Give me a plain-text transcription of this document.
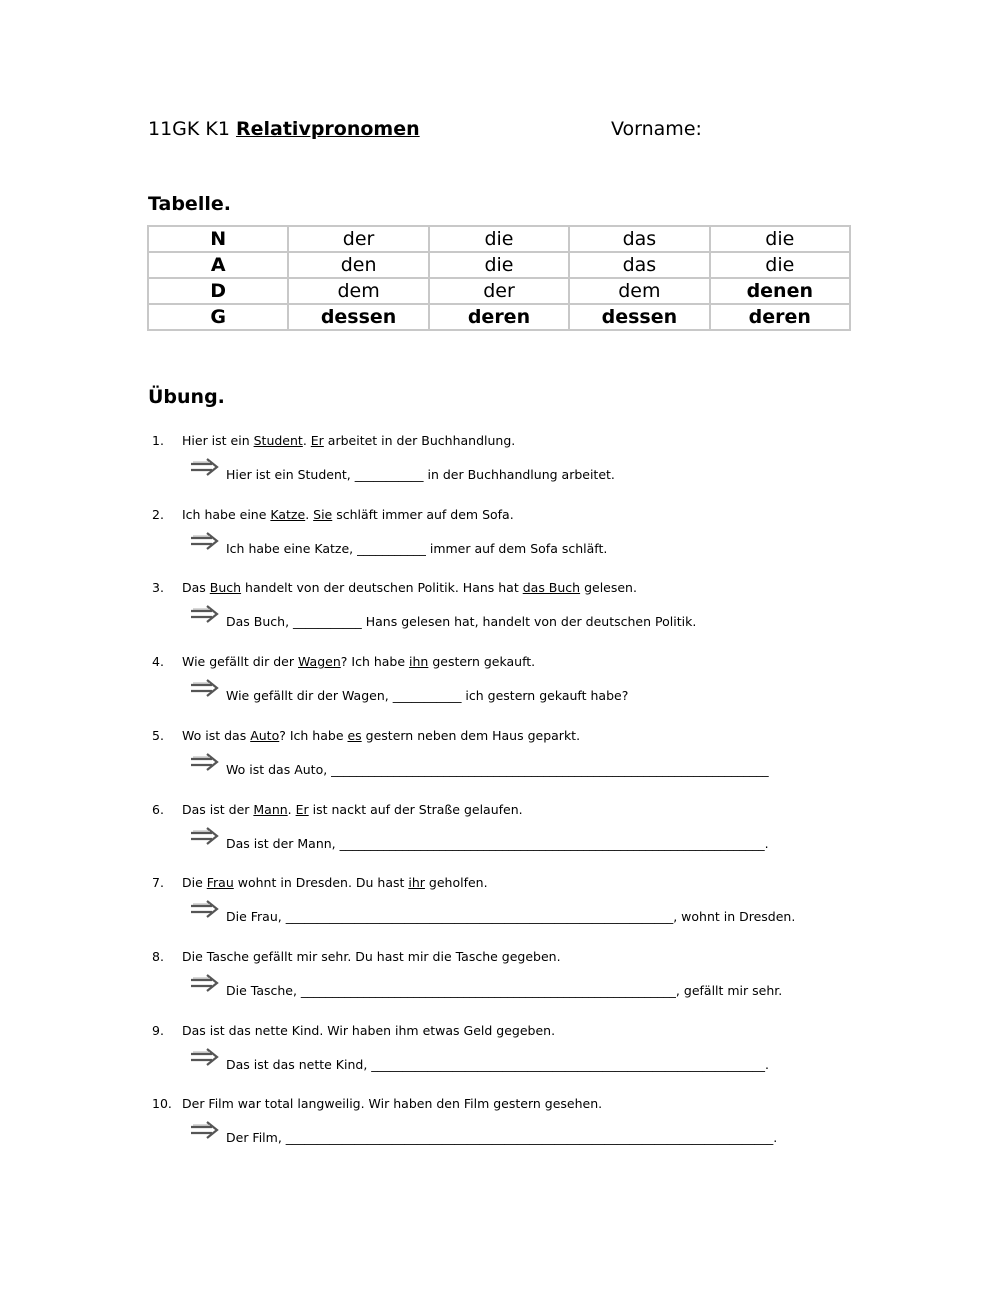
11GK K1 Relativpronomen	Vorname:
Tabelle.
N	der	die	das	die
A	den	die	das	die
D	dem	der	dem	denen
G	dessen	deren	dessen	deren
Übung.
1.	Hier ist ein Student. Er arbeitet in der Buchhandlung.
Hier ist ein Student, ___________ in der Buchhandlung arbeitet.
2.	Ich habe eine Katze. Sie schläft immer auf dem Sofa.
Ich habe eine Katze, ___________ immer auf dem Sofa schläft.
3.	Das Buch handelt von der deutschen Politik. Hans hat das Buch gelesen.
Das Buch, ___________ Hans gelesen hat, handelt von der deutschen Politik.
4.	Wie gefällt dir der Wagen? Ich habe ihn gestern gekauft.
Wie gefällt dir der Wagen, ___________ ich gestern gekauft habe?
5.	Wo ist das Auto? Ich habe es gestern neben dem Haus geparkt.
Wo ist das Auto, ______________________________________________________________________
6.	Das ist der Mann. Er ist nackt auf der Straße gelaufen.
Das ist der Mann, ____________________________________________________________________.
7.	Die Frau wohnt in Dresden. Du hast ihr geholfen.
Die Frau, ______________________________________________________________, wohnt in Dresden.
8.	Die Tasche gefällt mir sehr. Du hast mir die Tasche gegeben.
Die Tasche, ____________________________________________________________, gefällt mir sehr.
9.	Das ist das nette Kind. Wir haben ihm etwas Geld gegeben.
Das ist das nette Kind, _______________________________________________________________.
10. Der Film war total langweilig. Wir haben den Film gestern gesehen.
Der Film, ______________________________________________________________________________.
